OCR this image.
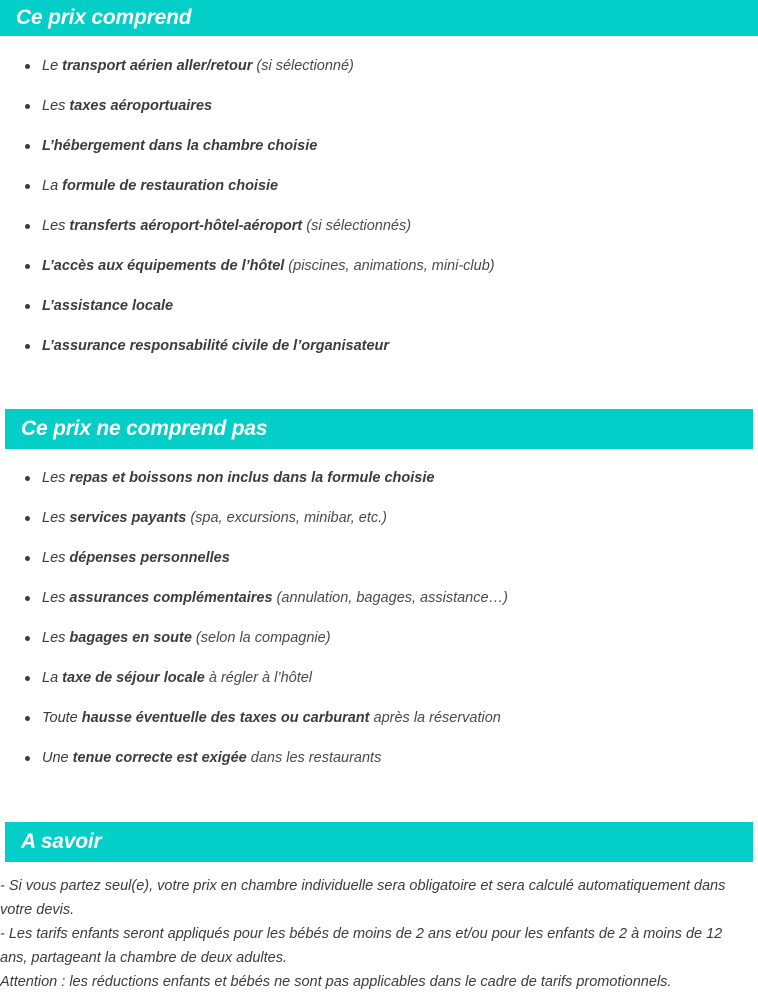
Ce prix comprend
Le transport aérien aller/retour (si sélectionné)
Les taxes aéroportuaires
L’hébergement dans la chambre choisie
La formule de restauration choisie
Les transferts aéroport-hôtel-aéroport (si sélectionnés)
L’accès aux équipements de l’hôtel (piscines, animations, mini-club)
L’assistance locale
L’assurance responsabilité civile de l’organisateur
Ce prix ne comprend pas
Les repas et boissons non inclus dans la formule choisie
Les services payants (spa, excursions, minibar, etc.)
Les dépenses personnelles
Les assurances complémentaires (annulation, bagages, assistance…)
Les bagages en soute (selon la compagnie)
La taxe de séjour locale à régler à l’hôtel
Toute hausse éventuelle des taxes ou carburant après la réservation
Une tenue correcte est exigée dans les restaurants
A savoir

- Si vous partez seul(e), votre prix en chambre individuelle sera obligatoire et sera calculé automatiquement dans votre devis.

- Les tarifs enfants seront appliqués pour les bébés de moins de 2 ans et/ou pour les enfants de 2 à moins de 12 ans, partageant la chambre de deux adultes.

Attention : les réductions enfants et bébés ne sont pas applicables dans le cadre de tarifs promotionnels.
